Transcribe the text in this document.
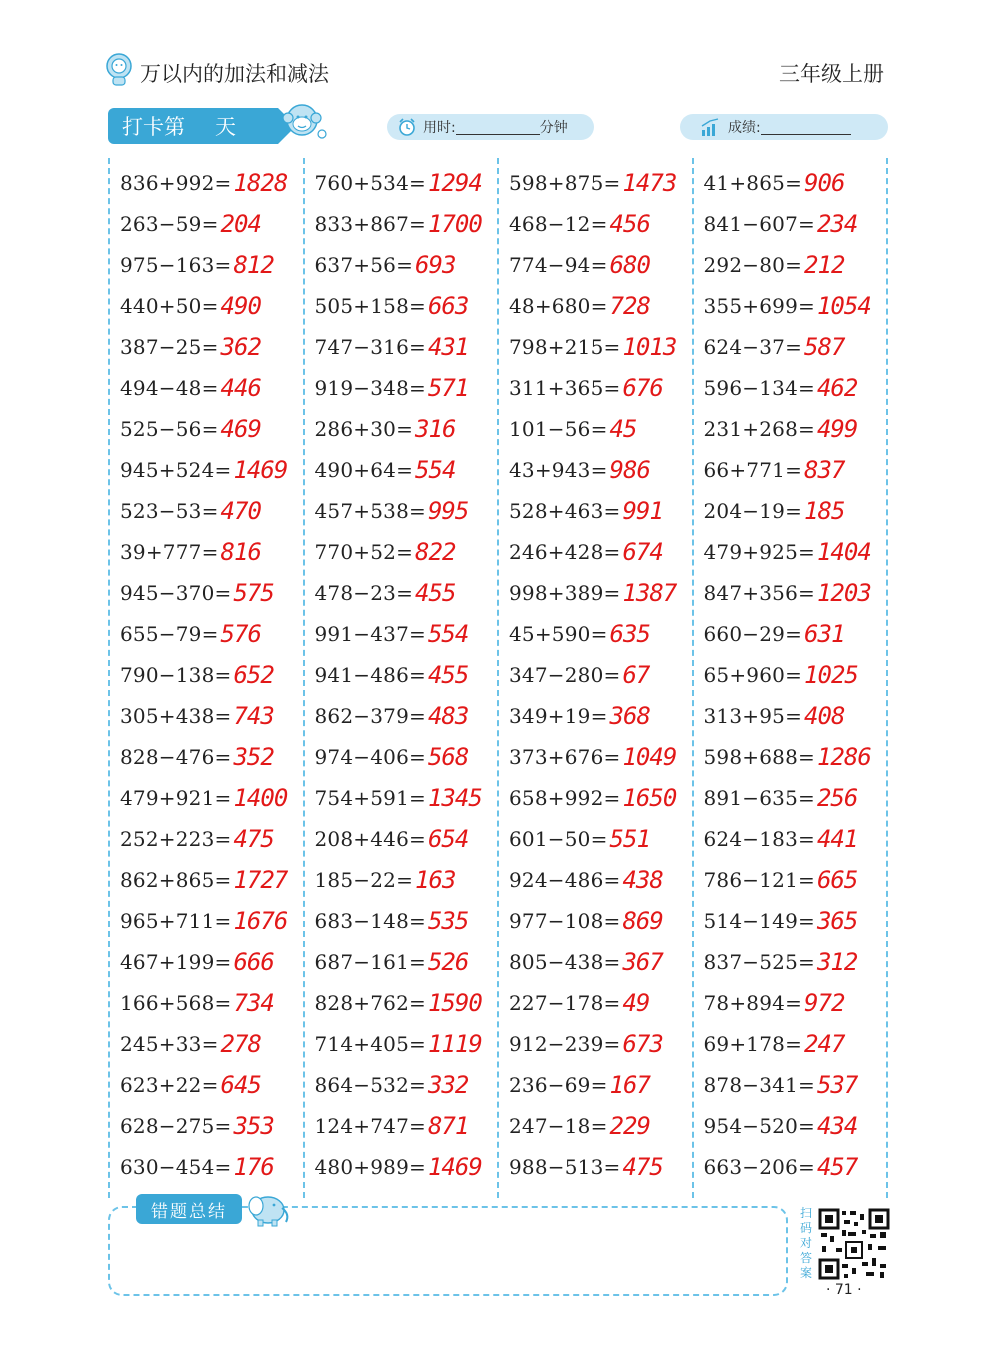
万以内的加法和减法	三年级上册
打卡第 天	用时:	分钟	成绩:
836+992= 1828
263−59= 204
975−163= 812
440+50= 490
387−25= 362
494−48= 446
525−56= 469
945+524= 1469
523−53= 470
39+777= 816
945−370= 575
655−79= 576
790−138= 652
305+438= 743
828−476= 352
479+921= 1400
252+223= 475
862+865= 1727
965+711= 1676
467+199= 666
166+568= 734
245+33= 278
623+22= 645
628−275= 353
630−454= 176
760+534= 1294
833+867= 1700
637+56= 693
505+158= 663
747−316= 431
919−348= 571
286+30= 316
490+64= 554
457+538= 995
770+52= 822
478−23= 455
991−437= 554
941−486= 455
862−379= 483
974−406= 568
754+591= 1345
208+446= 654
185−22= 163
683−148= 535
687−161= 526
828+762= 1590
714+405= 1119
864−532= 332
124+747= 871
480+989= 1469
598+875= 1473
468−12= 456
774−94= 680
48+680= 728
798+215= 1013
311+365= 676
101−56= 45
43+943= 986
528+463= 991
246+428= 674
998+389= 1387
45+590= 635
347−280= 67
349+19= 368
373+676= 1049
658+992= 1650
601−50= 551
924−486= 438
977−108= 869
805−438= 367
227−178= 49
912−239= 673
236−69= 167
247−18= 229
988−513= 475
41+865= 906
841−607= 234
292−80= 212
355+699= 1054
624−37= 587
596−134= 462
231+268= 499
66+771= 837
204−19= 185
479+925= 1404
847+356= 1203
660−29= 631
65+960= 1025
313+95= 408
598+688= 1286
891−635= 256
624−183= 441
786−121= 665
514−149= 365
837−525= 312
78+894= 972
69+178= 247
878−341= 537
954−520= 434
663−206= 457
错题总结	扫码对答案
· 71 ·
